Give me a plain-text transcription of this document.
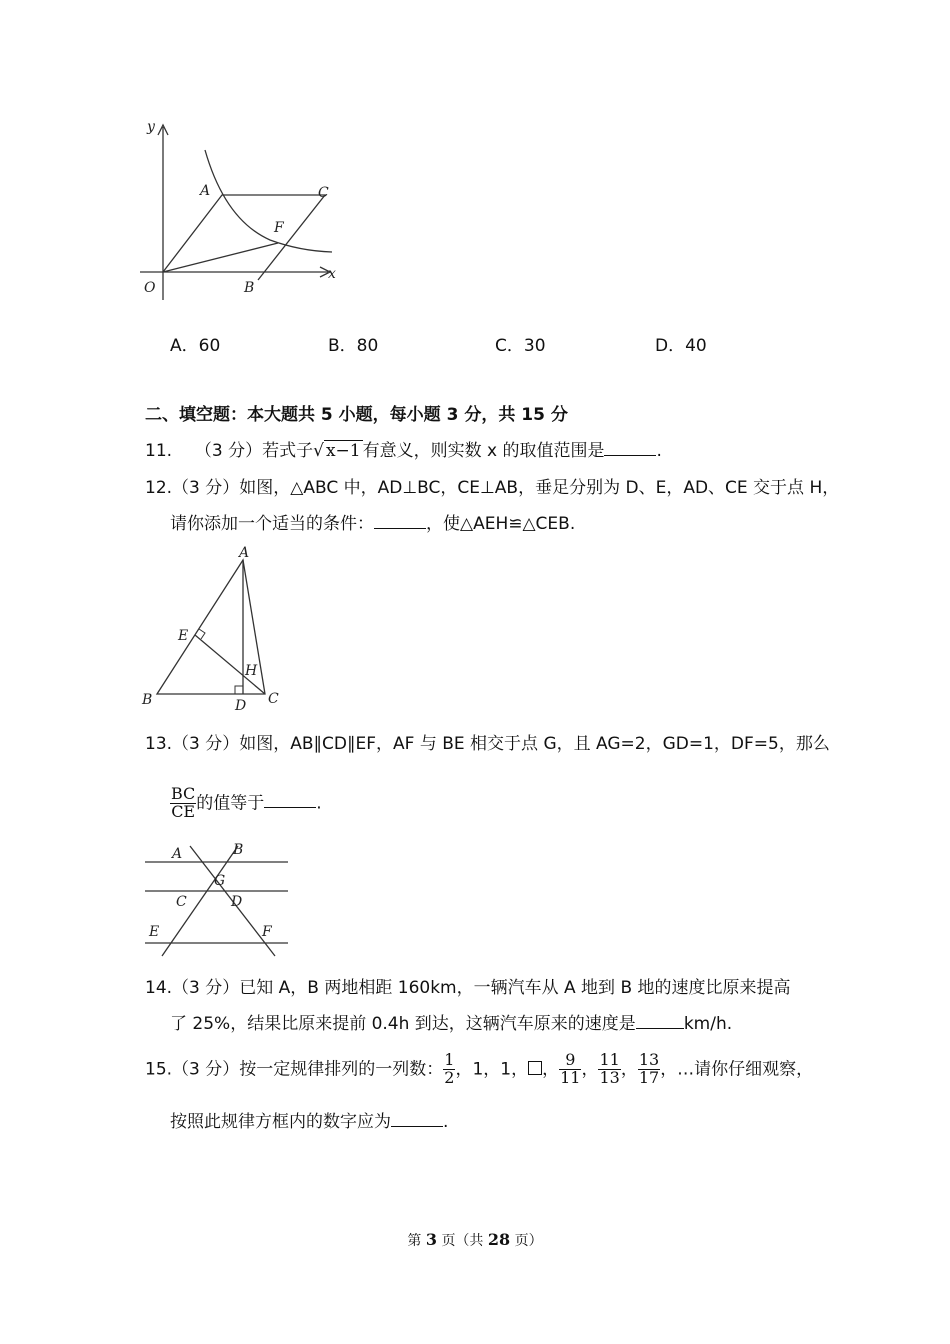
y
x
O
A	C
F
B
A．60	B．80	C．30	D．40
二、填空题：本大题共 5 小题，每小题 3 分，共 15 分
11. （3 分）若式子√ x−1 有意义，则实数 x 的取值范围是	.
12.（3 分）如图，△ABC 中，AD⊥BC，CE⊥AB，垂足分别为 D、E，AD、CE 交于点 H，
请你添加一个适当的条件：	，使△AEH≌△CEB.
A
E
H
B	D C
13.（3 分）如图，AB∥CD∥EF，AF 与 BE 相交于点 G，且 AG=2，GD=1，DF=5，那么
$\frac{BC}{CE}$ 的值等于	.
A	B
G
C	D
E	F
14.（3 分）已知 A，B 两地相距 160km，一辆汽车从 A 地到 B 地的速度比原来提高
了 25%，结果比原来提前 0.4h 到达，这辆汽车原来的速度是	km/h.
15.（3 分）按一定规律排列的一列数： $\frac{1}{2}$ ，1，1， ， $\frac{9}{11}$ ， $\frac{11}{13}$ ， $\frac{13}{17}$ ，…请你仔细观察，
按照此规律方框内的数字应为	.
第 3 页（共 28 页）
